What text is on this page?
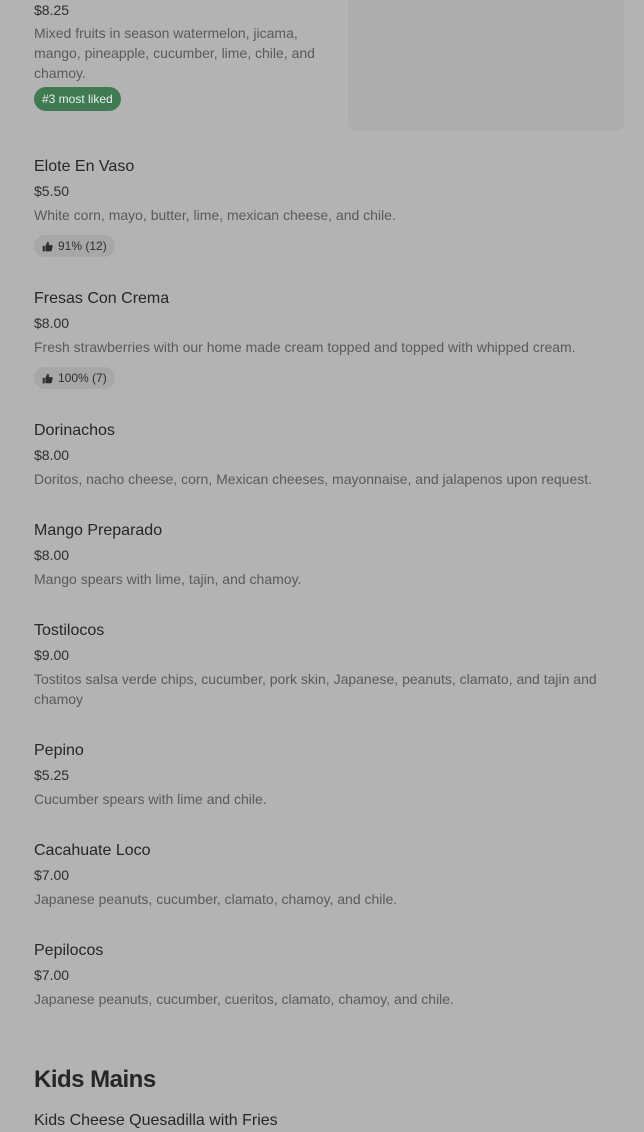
$8.25
Mixed fruits in season watermelon, jicama, mango, pineapple, cucumber, lime, chile, and chamoy.
#3 most liked
Elote En Vaso
$5.50
White corn, mayo, butter, lime, mexican cheese, and chile.
91% (12)
Fresas Con Crema
$8.00
Fresh strawberries with our home made cream topped and topped with whipped cream.
100% (7)
Dorinachos
$8.00
Doritos, nacho cheese, corn, Mexican cheeses, mayonnaise, and jalapenos upon request.
Mango Preparado
$8.00
Mango spears with lime, tajin, and chamoy.
Tostilocos
$9.00
Tostitos salsa verde chips, cucumber, pork skin, Japanese, peanuts, clamato, and tajin and chamoy
Pepino
$5.25
Cucumber spears with lime and chile.
Cacahuate Loco
$7.00
Japanese peanuts, cucumber, clamato, chamoy, and chile.
Pepilocos
$7.00
Japanese peanuts, cucumber, cueritos, clamato, chamoy, and chile.
Kids Mains
Kids Cheese Quesadilla with Fries
